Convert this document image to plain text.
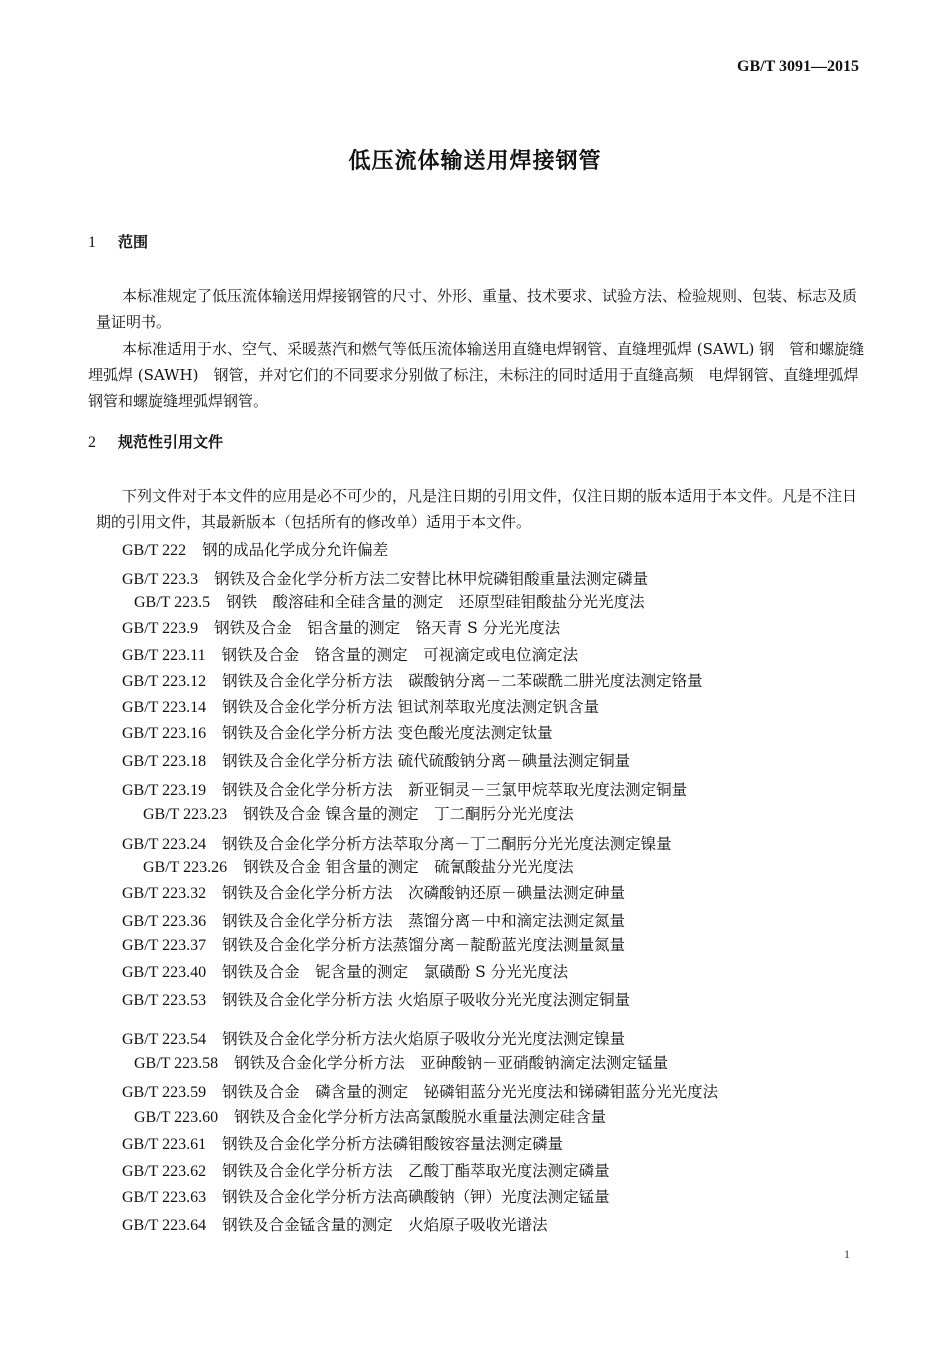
GB/T 3091—2015
低压流体输送用焊接钢管
1 范围
本标准规定了低压流体输送用焊接钢管的尺寸、外形、重量、技术要求、试验方法、检验规则、包装、标志及质量证明书。
本标准适用于水、空气、采暖蒸汽和燃气等低压流体输送用直缝电焊钢管、直缝埋弧焊 (SAWL) 钢　管和螺旋缝埋弧焊 (SAWH)　钢管，并对它们的不同要求分别做了标注，未标注的同时适用于直缝高频　电焊钢管、直缝埋弧焊钢管和螺旋缝埋弧焊钢管。
2 规范性引用文件
下列文件对于本文件的应用是必不可少的，凡是注日期的引用文件，仅注日期的版本适用于本文件。凡是不注日期的引用文件，其最新版本（包括所有的修改单）适用于本文件。
GB/T 222 钢的成品化学成分允许偏差
GB/T 223.3 钢铁及合金化学分析方法二安替比林甲烷磷钼酸重量法测定磷量
GB/T 223.5 钢铁　酸溶硅和全硅含量的测定　还原型硅钼酸盐分光光度法
GB/T 223.9 钢铁及合金　铝含量的测定　铬天青 S 分光光度法
GB/T 223.11 钢铁及合金　铬含量的测定　可视滴定或电位滴定法
GB/T 223.12 钢铁及合金化学分析方法　碳酸钠分离－二苯碳酰二肼光度法测定铬量
GB/T 223.14 钢铁及合金化学分析方法 钽试剂萃取光度法测定钒含量
GB/T 223.16 钢铁及合金化学分析方法 变色酸光度法测定钛量
GB/T 223.18 钢铁及合金化学分析方法 硫代硫酸钠分离－碘量法测定铜量
GB/T 223.19 钢铁及合金化学分析方法　新亚铜灵－三氯甲烷萃取光度法测定铜量
GB/T 223.23 钢铁及合金 镍含量的测定　丁二酮肟分光光度法
GB/T 223.24 钢铁及合金化学分析方法萃取分离－丁二酮肟分光光度法测定镍量
GB/T 223.26 钢铁及合金 钼含量的测定　硫氰酸盐分光光度法
GB/T 223.32 钢铁及合金化学分析方法　次磷酸钠还原－碘量法测定砷量
GB/T 223.36 钢铁及合金化学分析方法　蒸馏分离－中和滴定法测定氮量
GB/T 223.37 钢铁及合金化学分析方法蒸馏分离－靛酚蓝光度法测量氮量
GB/T 223.40 钢铁及合金　铌含量的测定　氯磺酚 S 分光光度法
GB/T 223.53 钢铁及合金化学分析方法 火焰原子吸收分光光度法测定铜量
GB/T 223.54 钢铁及合金化学分析方法火焰原子吸收分光光度法测定镍量
GB/T 223.58 钢铁及合金化学分析方法　亚砷酸钠－亚硝酸钠滴定法测定锰量
GB/T 223.59 钢铁及合金　磷含量的测定　铋磷钼蓝分光光度法和锑磷钼蓝分光光度法
GB/T 223.60 钢铁及合金化学分析方法高氯酸脱水重量法测定硅含量
GB/T 223.61 钢铁及合金化学分析方法磷钼酸铵容量法测定磷量
GB/T 223.62 钢铁及合金化学分析方法　乙酸丁酯萃取光度法测定磷量
GB/T 223.63 钢铁及合金化学分析方法高碘酸钠（钾）光度法测定锰量
GB/T 223.64 钢铁及合金锰含量的测定　火焰原子吸收光谱法
1
